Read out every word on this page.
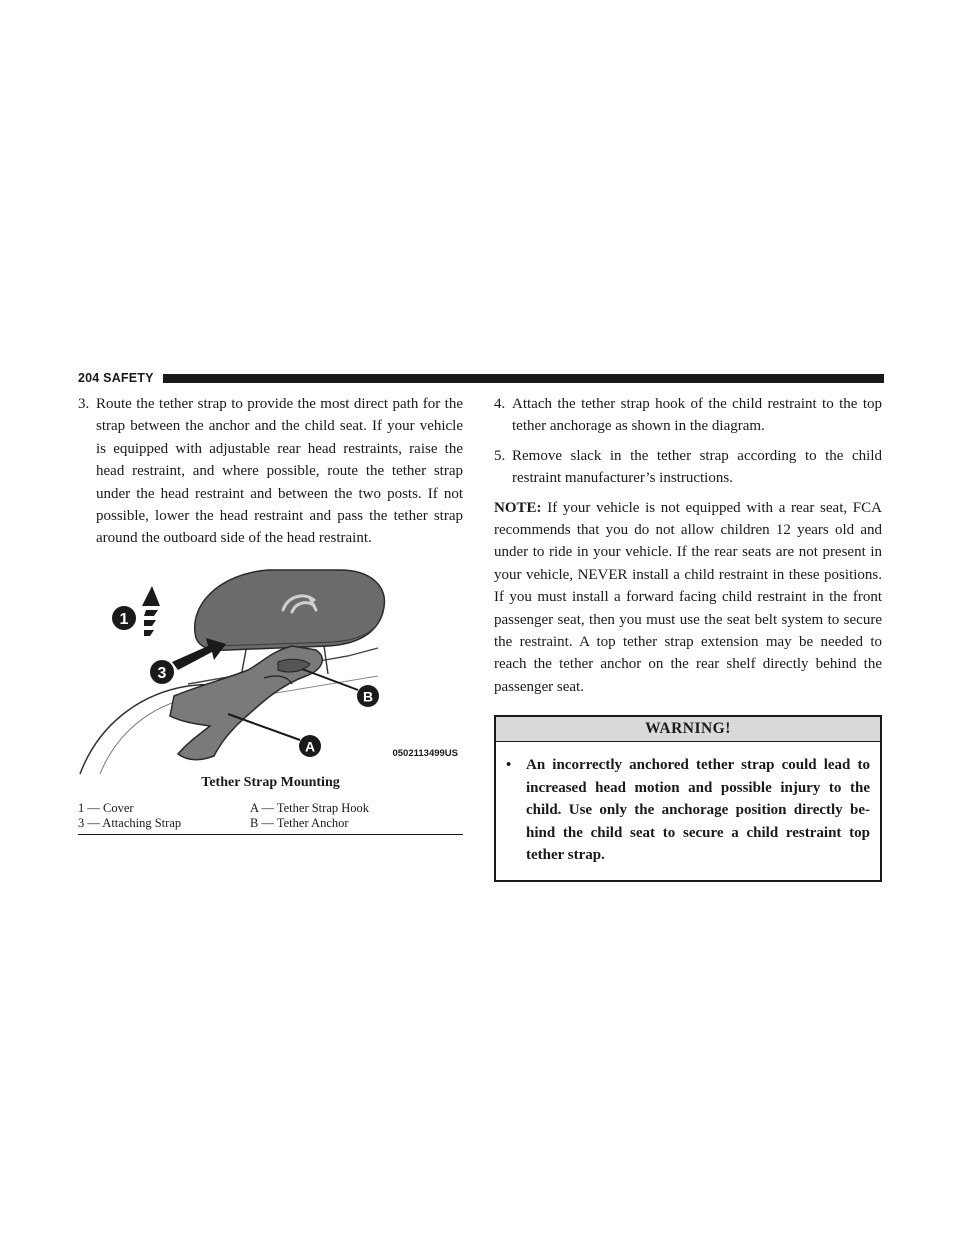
204 SAFETY
3. Route the tether strap to provide the most direct path for the strap between the anchor and the child seat. If your vehicle is equipped with adjustable rear head restraints, raise the head restraint, and where possible, route the tether strap under the head restraint and between the two posts. If not possible, lower the head restraint and pass the tether strap around the outboard side of the head restraint.
1
3
B
A	0502113499US
Tether Strap Mounting
1 — Cover	A — Tether Strap Hook
3 — Attaching Strap	B — Tether Anchor
4. Attach the tether strap hook of the child restraint to the top tether anchorage as shown in the diagram.
5. Remove slack in the tether strap according to the child restraint manufacturer’s instructions.
NOTE: If your vehicle is not equipped with a rear seat, FCA recommends that you do not allow children 12 years old and under to ride in your vehicle. If the rear seats are not present in your vehicle, NEVER install a child restraint in these positions. If you must install a forward facing child restraint in the front passenger seat, then you must use the seat belt system to secure the restraint. A top tether strap extension may be needed to reach the tether anchor on the rear shelf directly behind the passenger seat.
WARNING!
• An incorrectly anchored tether strap could lead to increased head motion and possible injury to the child. Use only the anchorage position directly be-hind the child seat to secure a child restraint top tether strap.
